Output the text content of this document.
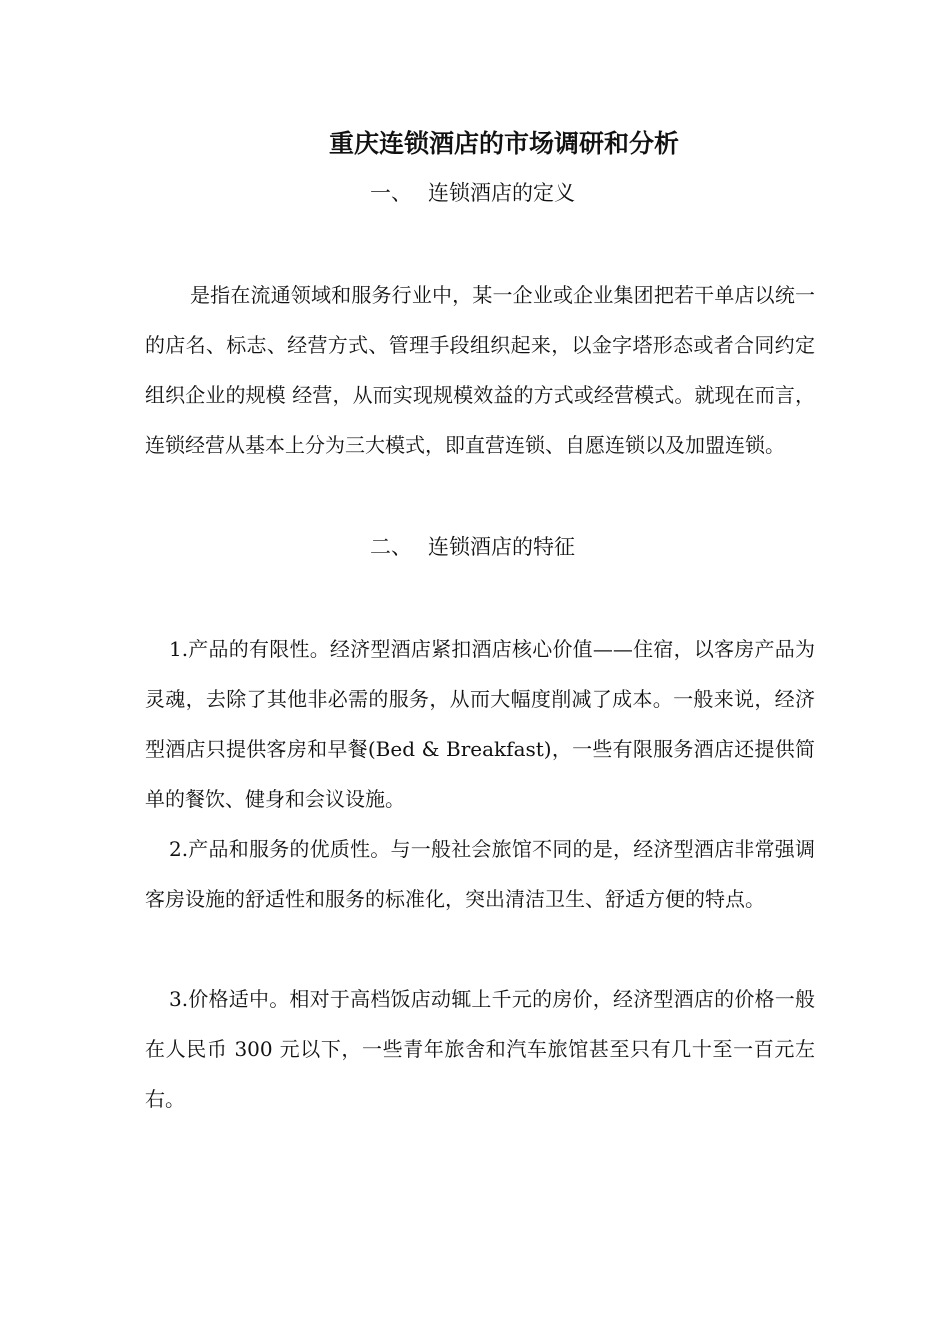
重庆连锁酒店的市场调研和分析
一、 连锁酒店的定义

是指在流通领域和服务行业中，某一企业或企业集团把若干单店以统一的店名、标志、经营方式、管理手段组织起来，以金字塔形态或者合同约定组织企业的规模 经营，从而实现规模效益的方式或经营模式。就现在而言，连锁经营从基本上分为三大模式，即直营连锁、自愿连锁以及加盟连锁。

二、 连锁酒店的特征

1.产品的有限性。经济型酒店紧扣酒店核心价值——住宿，以客房产品为灵魂，去除了其他非必需的服务，从而大幅度削减了成本。一般来说，经济型酒店只提供客房和早餐(Bed & Breakfast)，一些有限服务酒店还提供简单的餐饮、健身和会议设施。

2.产品和服务的优质性。与一般社会旅馆不同的是，经济型酒店非常强调客房设施的舒适性和服务的标准化，突出清洁卫生、舒适方便的特点。

3.价格适中。相对于高档饭店动辄上千元的房价，经济型酒店的价格一般在人民币 300 元以下，一些青年旅舍和汽车旅馆甚至只有几十至一百元左右。
